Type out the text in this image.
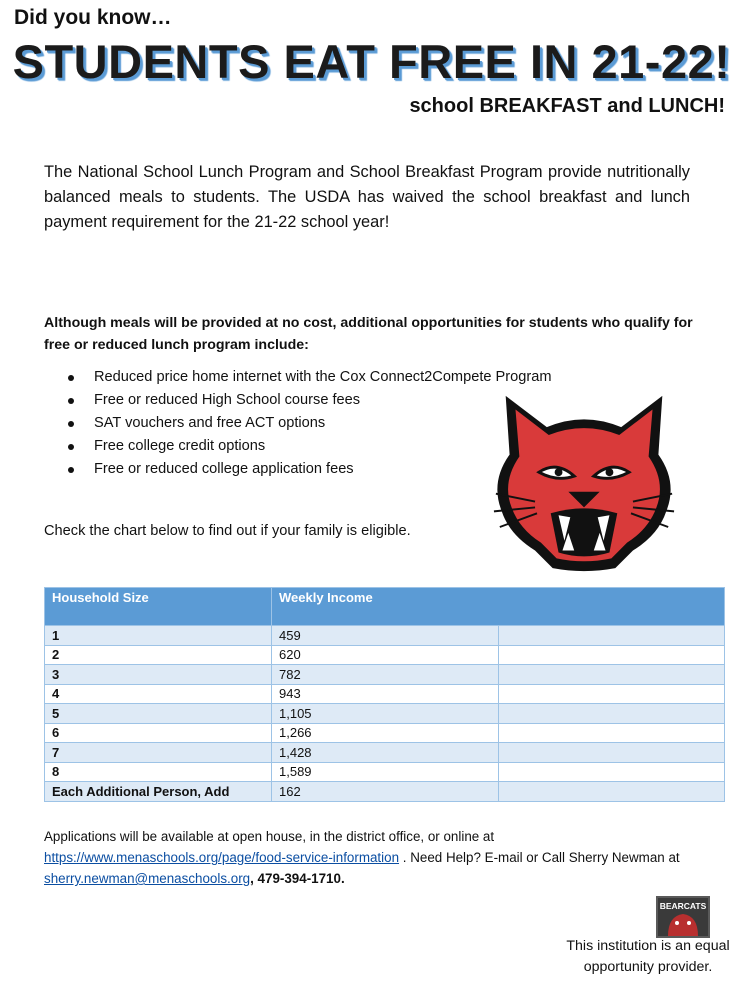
Did you know…
STUDENTS EAT FREE IN 21-22!
school BREAKFAST and LUNCH!

The National School Lunch Program and School Breakfast Program provide nutritionally balanced meals to students. The USDA has waived the school breakfast and lunch payment requirement for the 21-22 school year!

Although meals will be provided at no cost, additional opportunities for students who qualify for free or reduced lunch program include:

Reduced price home internet with the Cox Connect2Compete Program
Free or reduced High School course fees
SAT vouchers and free ACT options
Free college credit options
Free or reduced college application fees
Check the chart below to find out if your family is eligible.
Household Size	Weekly Income	
1	459	
2	620	
3	782	
4	943	
5	1,105	
6	1,266	
7	1,428	
8	1,589	
Each Additional Person, Add	162	

Applications will be available at open house, in the district office, or online at
https://www.menaschools.org/page/food-service-information . Need Help? E-mail or Call Sherry Newman at sherry.newman@menaschools.org, 479-394-1710.

BEARCATS
This institution is an equal opportunity provider.
